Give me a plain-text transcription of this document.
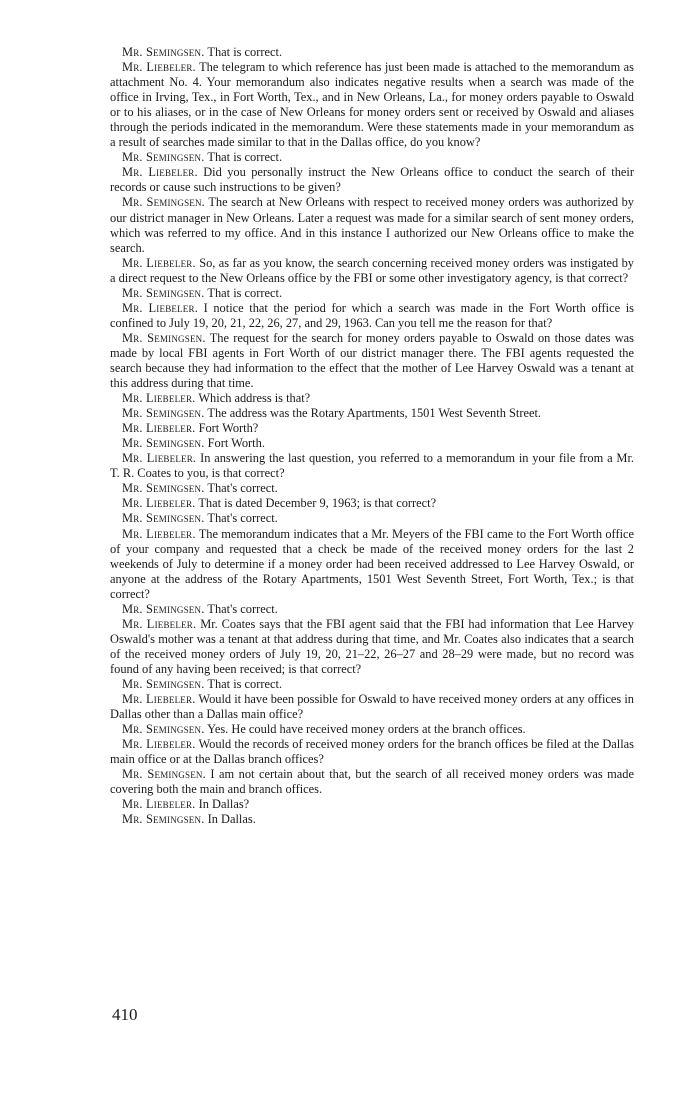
Mr. Semingsen. That is correct.

Mr. Liebeler. The telegram to which reference has just been made is attached to the memorandum as attachment No. 4. Your memorandum also indicates negative results when a search was made of the office in Irving, Tex., in Fort Worth, Tex., and in New Orleans, La., for money orders payable to Oswald or to his aliases, or in the case of New Orleans for money orders sent or received by Oswald and aliases through the periods indicated in the memorandum. Were these statements made in your memorandum as a result of searches made similar to that in the Dallas office, do you know?

Mr. Semingsen. That is correct.

Mr. Liebeler. Did you personally instruct the New Orleans office to conduct the search of their records or cause such instructions to be given?

Mr. Semingsen. The search at New Orleans with respect to received money orders was authorized by our district manager in New Orleans. Later a request was made for a similar search of sent money orders, which was referred to my office. And in this instance I authorized our New Orleans office to make the search.

Mr. Liebeler. So, as far as you know, the search concerning received money orders was instigated by a direct request to the New Orleans office by the FBI or some other investigatory agency, is that correct?

Mr. Semingsen. That is correct.

Mr. Liebeler. I notice that the period for which a search was made in the Fort Worth office is confined to July 19, 20, 21, 22, 26, 27, and 29, 1963. Can you tell me the reason for that?

Mr. Semingsen. The request for the search for money orders payable to Oswald on those dates was made by local FBI agents in Fort Worth of our district manager there. The FBI agents requested the search because they had information to the effect that the mother of Lee Harvey Oswald was a tenant at this address during that time.

Mr. Liebeler. Which address is that?

Mr. Semingsen. The address was the Rotary Apartments, 1501 West Seventh Street.

Mr. Liebeler. Fort Worth?

Mr. Semingsen. Fort Worth.

Mr. Liebeler. In answering the last question, you referred to a memorandum in your file from a Mr. T. R. Coates to you, is that correct?

Mr. Semingsen. That's correct.

Mr. Liebeler. That is dated December 9, 1963; is that correct?

Mr. Semingsen. That's correct.

Mr. Liebeler. The memorandum indicates that a Mr. Meyers of the FBI came to the Fort Worth office of your company and requested that a check be made of the received money orders for the last 2 weekends of July to determine if a money order had been received addressed to Lee Harvey Oswald, or anyone at the address of the Rotary Apartments, 1501 West Seventh Street, Fort Worth, Tex.; is that correct?

Mr. Semingsen. That's correct.

Mr. Liebeler. Mr. Coates says that the FBI agent said that the FBI had information that Lee Harvey Oswald's mother was a tenant at that address during that time, and Mr. Coates also indicates that a search of the received money orders of July 19, 20, 21–22, 26–27 and 28–29 were made, but no record was found of any having been received; is that correct?

Mr. Semingsen. That is correct.

Mr. Liebeler. Would it have been possible for Oswald to have received money orders at any offices in Dallas other than a Dallas main office?

Mr. Semingsen. Yes. He could have received money orders at the branch offices.

Mr. Liebeler. Would the records of received money orders for the branch offices be filed at the Dallas main office or at the Dallas branch offices?

Mr. Semingsen. I am not certain about that, but the search of all received money orders was made covering both the main and branch offices.

Mr. Liebeler. In Dallas?

Mr. Semingsen. In Dallas.

410
